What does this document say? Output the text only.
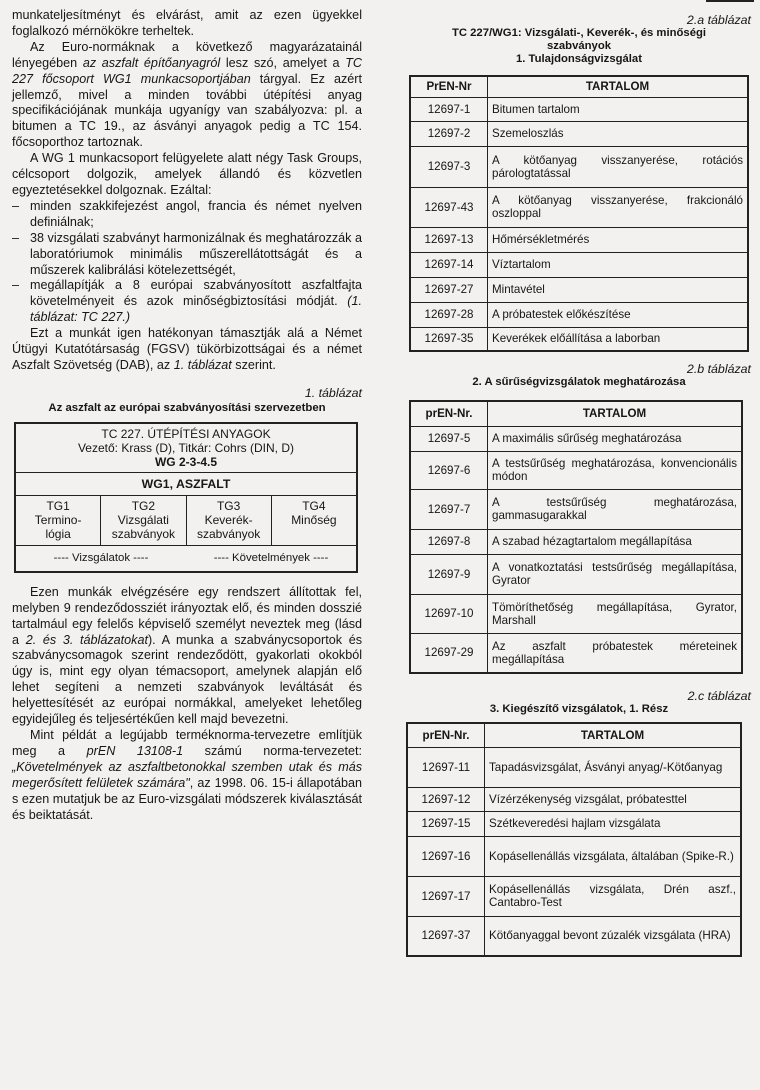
munkateljesítményt és elvárást, amit az ezen ügyekkel foglalkozó mérnökökre terheltek.

Az Euro-normáknak a következő magyarázatainál lényegében az aszfalt építőanyagról lesz szó, amelyet a TC 227 főcsoport WG1 munkacsoportjában tárgyal. Ez azért jellemző, mivel a minden további útépítési anyag specifikációjának munkája ugyanígy van szabályozva: pl. a bitumen a TC 19., az ásványi anyagok pedig a TC 154. főcsoporthoz tartoznak.

A WG 1 munkacsoport felügyelete alatt négy Task Groups, célcsoport dolgozik, amelyek állandó és közvetlen egyeztetésekkel dolgoznak. Ezáltal:

– minden szakkifejezést angol, francia és német nyelven definiálnak;
– 38 vizsgálati szabványt harmonizálnak és meghatározzák a laboratóriumok minimális műszerellátottságát és a műszerek kalibrálási kötelezettségét,
– megállapítják a 8 európai szabványosított aszfaltfajta követelményeit és azok minőségbiztosítási módját. (1. táblázat: TC 227.)

Ezt a munkát igen hatékonyan támasztják alá a Német Útügyi Kutatótársaság (FGSV) tükörbizottságai és a német Aszfalt Szövetség (DAB), az 1. táblázat szerint.

1. táblázat
Az aszfalt az európai szabványosítási szervezetben
TC 227. ÚTÉPÍTÉSI ANYAGOK
Vezető: Krass (D), Titkár: Cohrs (DIN, D)
WG 2-3-4.5
WG1, ASZFALT
TG1
Termino-
lógia
TG2
Vizsgálati
szabványok
TG3
Keverék-
szabványok
TG4
Minőség
---- Vizsgálatok ----	---- Követelmények ----

Ezen munkák elvégzésére egy rendszert állítottak fel, melyben 9 rendeződossziét irányoztak elő, és minden dosszié tartalmául egy felelős képviselő személyt neveztek meg (lásd a 2. és 3. táblázatokat). A munka a szabványcsoportok és szabványcsomagok szerint rendeződött, gyakorlati okokból úgy is, mint egy olyan témacsoport, amelynek alapján elő lehet segíteni a nemzeti szabványok leváltását és helyettesítését az európai normákkal, amelyeket lehetőleg egyidejűleg és teljesértékűen kell majd bevezetni.

Mint példát a legújabb terméknorma-tervezetre említjük meg a prEN 13108-1 számú norma-tervezetet: „Követelmények az aszfaltbetonokkal szemben utak és más megerősített felületek számára", az 1998. 06. 15-i állapotában s ezen mutatjuk be az Euro-vizsgálati módszerek kiválasztását és beiktatását.

2.a táblázat
TC 227/WG1: Vizsgálati-, Keverék-, és minőségi
szabványok
1. Tulajdonságvizsgálat
PrEN-Nr	TARTALOM
12697-1	Bitumen tartalom
12697-2	Szemeloszlás
12697-3	A kötőanyag visszanyerése, rotációs párologtatással
12697-43	A kötőanyag visszanyerése, frakcionáló oszloppal
12697-13	Hőmérsékletmérés
12697-14	Víztartalom
12697-27	Mintavétel
12697-28	A próbatestek előkészítése
12697-35	Keverékek előállítása a laborban
2.b táblázat
2. A sűrűségvizsgálatok meghatározása
prEN-Nr.	TARTALOM
12697-5	A maximális sűrűség meghatározása
12697-6	A testsűrűség meghatározása, konvencionális módon
12697-7	A testsűrűség meghatározása, gammasugarakkal
12697-8	A szabad hézagtartalom megállapítása
12697-9	A vonatkoztatási testsűrűség megállapítása, Gyrator
12697-10	Tömöríthetőség megállapítása, Gyrator, Marshall
12697-29	Az aszfalt próbatestek méreteinek megállapítása
2.c táblázat
3. Kiegészítő vizsgálatok, 1. Rész
prEN-Nr.	TARTALOM
12697-11	Tapadásvizsgálat, Ásványi anyag/-Kötőanyag
12697-12	Vízérzékenység vizsgálat, próbatesttel
12697-15	Szétkeveredési hajlam vizsgálata
12697-16	Kopásellenállás vizsgálata, általában (Spike-R.)
12697-17	Kopásellenállás vizsgálata, Drén aszf., Cantabro-Test
12697-37	Kötőanyaggal bevont zúzalék vizsgálata (HRA)
